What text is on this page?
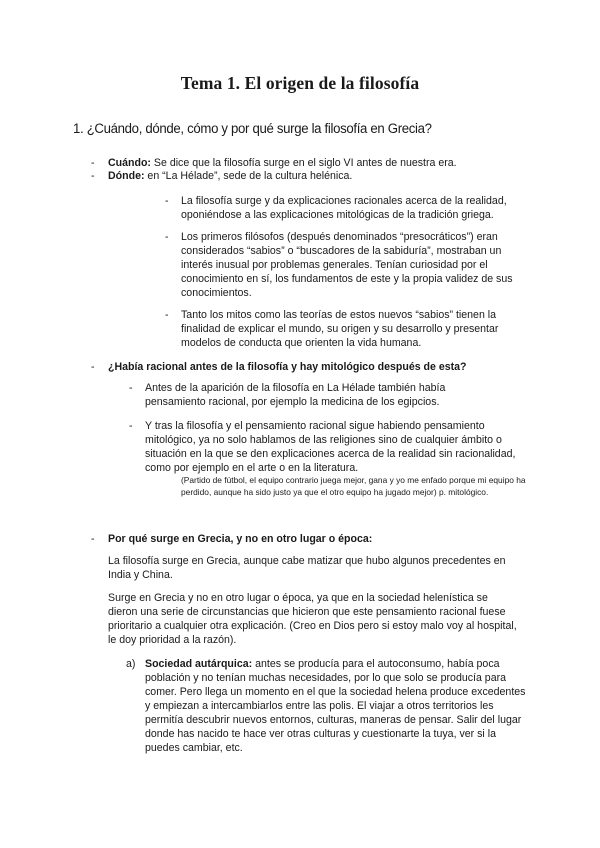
Tema 1. El origen de la filosofía
1. ¿Cuándo, dónde, cómo y por qué surge la filosofía en Grecia?
- Cuándo: Se dice que la filosofía surge en el siglo VI antes de nuestra era.
- Dónde: en “La Hélade”, sede de la cultura helénica.
- La filosofía surge y da explicaciones racionales acerca de la realidad, oponiéndose a las explicaciones mitológicas de la tradición griega.
- Los primeros filósofos (después denominados “presocráticos”) eran considerados “sabios” o “buscadores de la sabiduría”, mostraban un interés inusual por problemas generales. Tenían curiosidad por el conocimiento en sí, los fundamentos de este y la propia validez de sus conocimientos.
- Tanto los mitos como las teorías de estos nuevos “sabios” tienen la finalidad de explicar el mundo, su origen y su desarrollo y presentar modelos de conducta que orienten la vida humana.
- ¿Había racional antes de la filosofía y hay mitológico después de esta?
- Antes de la aparición de la filosofía en La Hélade también había pensamiento racional, por ejemplo la medicina de los egipcios.
- Y tras la filosofía y el pensamiento racional sigue habiendo pensamiento mitológico, ya no solo hablamos de las religiones sino de cualquier ámbito o situación en la que se den explicaciones acerca de la realidad sin racionalidad, como por ejemplo en el arte o en la literatura.
(Partido de fútbol, el equipo contrario juega mejor, gana y yo me enfado porque mi equipo ha perdido, aunque ha sido justo ya que el otro equipo ha jugado mejor) p. mitológico.
- Por qué surge en Grecia, y no en otro lugar o época:
La filosofía surge en Grecia, aunque cabe matizar que hubo algunos precedentes en India y China.
Surge en Grecia y no en otro lugar o época, ya que en la sociedad helenística se dieron una serie de circunstancias que hicieron que este pensamiento racional fuese prioritario a cualquier otra explicación. (Creo en Dios pero si estoy malo voy al hospital, le doy prioridad a la razón).
a) Sociedad autárquica: antes se producía para el autoconsumo, había poca población y no tenían muchas necesidades, por lo que solo se producía para comer. Pero llega un momento en el que la sociedad helena produce excedentes y empiezan a intercambiarlos entre las polis. El viajar a otros territorios les permitía descubrir nuevos entornos, culturas, maneras de pensar. Salir del lugar donde has nacido te hace ver otras culturas y cuestionarte la tuya, ver si la puedes cambiar, etc.
